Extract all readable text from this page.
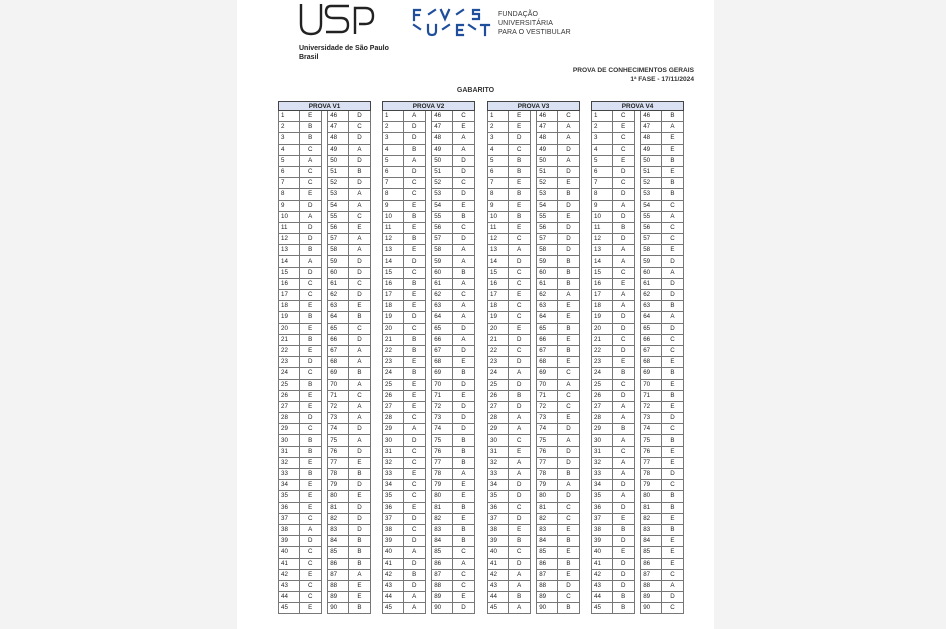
Universidade de São Paulo
Brasil
FUNDAÇÃO
UNIVERSITÁRIA
PARA O VESTIBULAR
PROVA DE CONHECIMENTOS GERAIS
1ª FASE - 17/11/2024
GABARITO
PROVA V1				
1	E		46	D
2	B		47	C
3	B		48	D
4	C		49	A
5	A		50	D
6	C		51	B
7	C		52	D
8	E		53	A
9	D		54	A
10	A		55	C
11	D		56	E
12	D		57	A
13	B		58	A
14	A		59	D
15	D		60	D
16	C		61	C
17	C		62	D
18	E		63	E
19	B		64	B
20	E		65	C
21	B		66	D
22	E		67	A
23	D		68	A
24	C		69	B
25	B		70	A
26	E		71	C
27	E		72	A
28	D		73	A
29	C		74	D
30	B		75	A
31	B		76	D
32	E		77	E
33	B		78	B
34	E		79	D
35	E		80	E
36	E		81	D
37	C		82	D
38	A		83	D
39	D		84	B
40	C		85	B
41	C		86	B
42	E		87	A
43	C		88	E
44	C		89	E
45	E		90	B
PROVA V2				
1	A		46	C
2	D		47	E
3	D		48	A
4	B		49	A
5	A		50	D
6	D		51	D
7	C		52	C
8	C		53	D
9	E		54	E
10	B		55	B
11	E		56	C
12	B		57	D
13	E		58	A
14	D		59	A
15	C		60	B
16	B		61	A
17	E		62	C
18	E		63	A
19	D		64	A
20	C		65	D
21	B		66	A
22	B		67	D
23	E		68	E
24	B		69	B
25	E		70	D
26	E		71	E
27	E		72	D
28	C		73	D
29	A		74	D
30	D		75	B
31	C		76	B
32	C		77	B
33	E		78	A
34	C		79	E
35	C		80	E
36	E		81	B
37	D		82	E
38	C		83	B
39	D		84	B
40	A		85	C
41	D		86	A
42	B		87	C
43	D		88	C
44	A		89	E
45	A		90	D
PROVA V3				
1	E		46	C
2	E		47	A
3	D		48	A
4	C		49	D
5	B		50	A
6	B		51	D
7	E		52	E
8	B		53	B
9	E		54	D
10	B		55	E
11	E		56	D
12	C		57	D
13	A		58	D
14	D		59	B
15	C		60	B
16	C		61	B
17	E		62	A
18	C		63	E
19	C		64	E
20	E		65	B
21	D		66	E
22	C		67	B
23	D		68	E
24	A		69	C
25	D		70	A
26	B		71	C
27	D		72	C
28	A		73	E
29	A		74	D
30	C		75	A
31	E		76	D
32	A		77	D
33	A		78	B
34	D		79	A
35	D		80	D
36	C		81	C
37	D		82	C
38	E		83	E
39	B		84	B
40	C		85	E
41	D		86	B
42	A		87	E
43	A		88	D
44	B		89	C
45	A		90	B
PROVA V4				
1	C		46	B
2	E		47	A
3	C		48	E
4	C		49	E
5	E		50	B
6	D		51	E
7	C		52	B
8	D		53	B
9	A		54	C
10	D		55	A
11	B		56	C
12	D		57	C
13	A		58	E
14	A		59	D
15	C		60	A
16	E		61	D
17	A		62	D
18	A		63	B
19	D		64	A
20	D		65	D
21	C		66	C
22	D		67	C
23	E		68	E
24	B		69	B
25	C		70	E
26	D		71	B
27	A		72	E
28	A		73	D
29	B		74	C
30	A		75	B
31	C		76	E
32	A		77	E
33	A		78	D
34	D		79	C
35	A		80	B
36	D		81	B
37	E		82	E
38	B		83	B
39	D		84	E
40	E		85	E
41	D		86	E
42	D		87	C
43	D		88	A
44	B		89	D
45	B		90	C
